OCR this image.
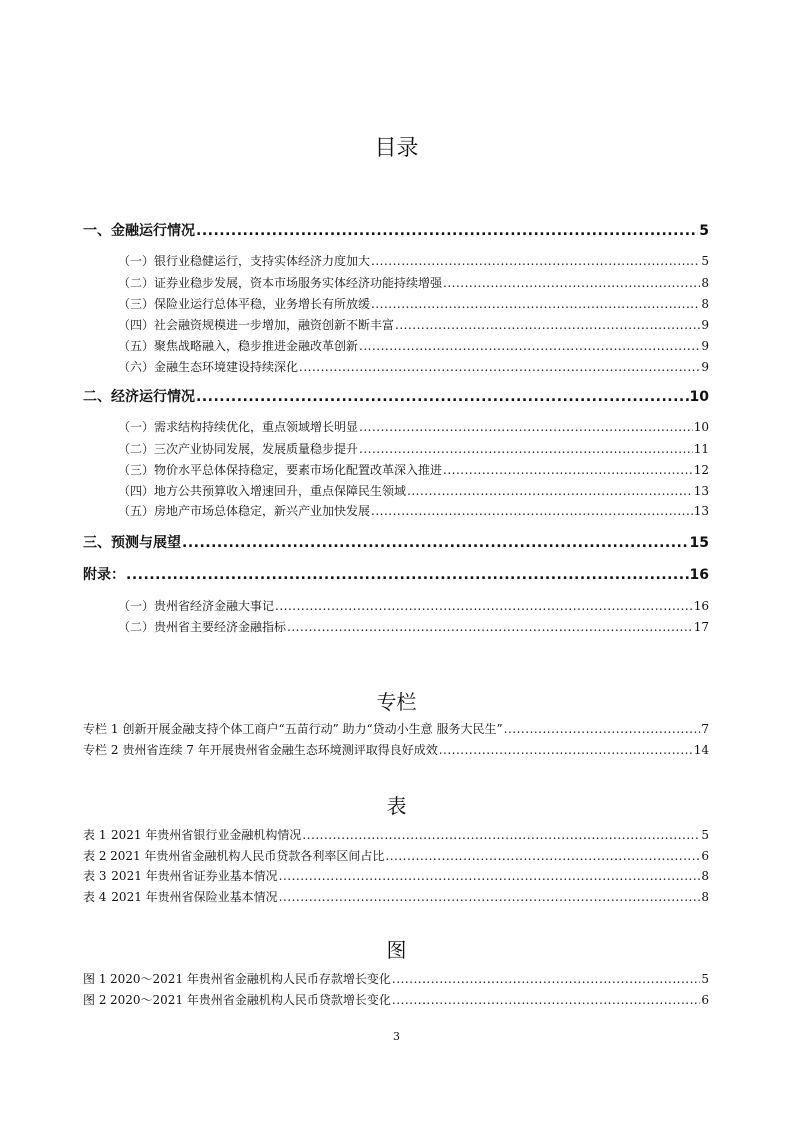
目录
一、金融运行情况 .....	5
（一）银行业稳健运行，支持实体经济力度加大 .....	5
（二）证券业稳步发展，资本市场服务实体经济功能持续增强 .....	8
（三）保险业运行总体平稳，业务增长有所放缓 .....	8
（四）社会融资规模进一步增加，融资创新不断丰富 .....	9
（五）聚焦战略融入，稳步推进金融改革创新 .....	9
（六）金融生态环境建设持续深化 .....	9
二、经济运行情况 .....	10
（一）需求结构持续优化，重点领域增长明显 .....	10
（二）三次产业协同发展，发展质量稳步提升 .....	11
（三）物价水平总体保持稳定，要素市场化配置改革深入推进 .....	12
（四）地方公共预算收入增速回升，重点保障民生领域 .....	13
（五）房地产市场总体稳定，新兴产业加快发展 .....	13
三、预测与展望 .....	15
附录： .....	16
（一）贵州省经济金融大事记 .....	16
（二）贵州省主要经济金融指标 .....	17
专栏
专栏 1 创新开展金融支持个体工商户“五苗行动” 助力“贷动小生意 服务大民生” .....	7
专栏 2 贵州省连续 7 年开展贵州省金融生态环境测评取得良好成效 .....	14
表
表 1 2021 年贵州省银行业金融机构情况 .....	5
表 2 2021 年贵州省金融机构人民币贷款各利率区间占比 .....	6
表 3 2021 年贵州省证券业基本情况 .....	8
表 4 2021 年贵州省保险业基本情况 .....	8
图
图 1 2020～2021 年贵州省金融机构人民币存款增长变化 .....	5
图 2 2020～2021 年贵州省金融机构人民币贷款增长变化 .....	6
3
